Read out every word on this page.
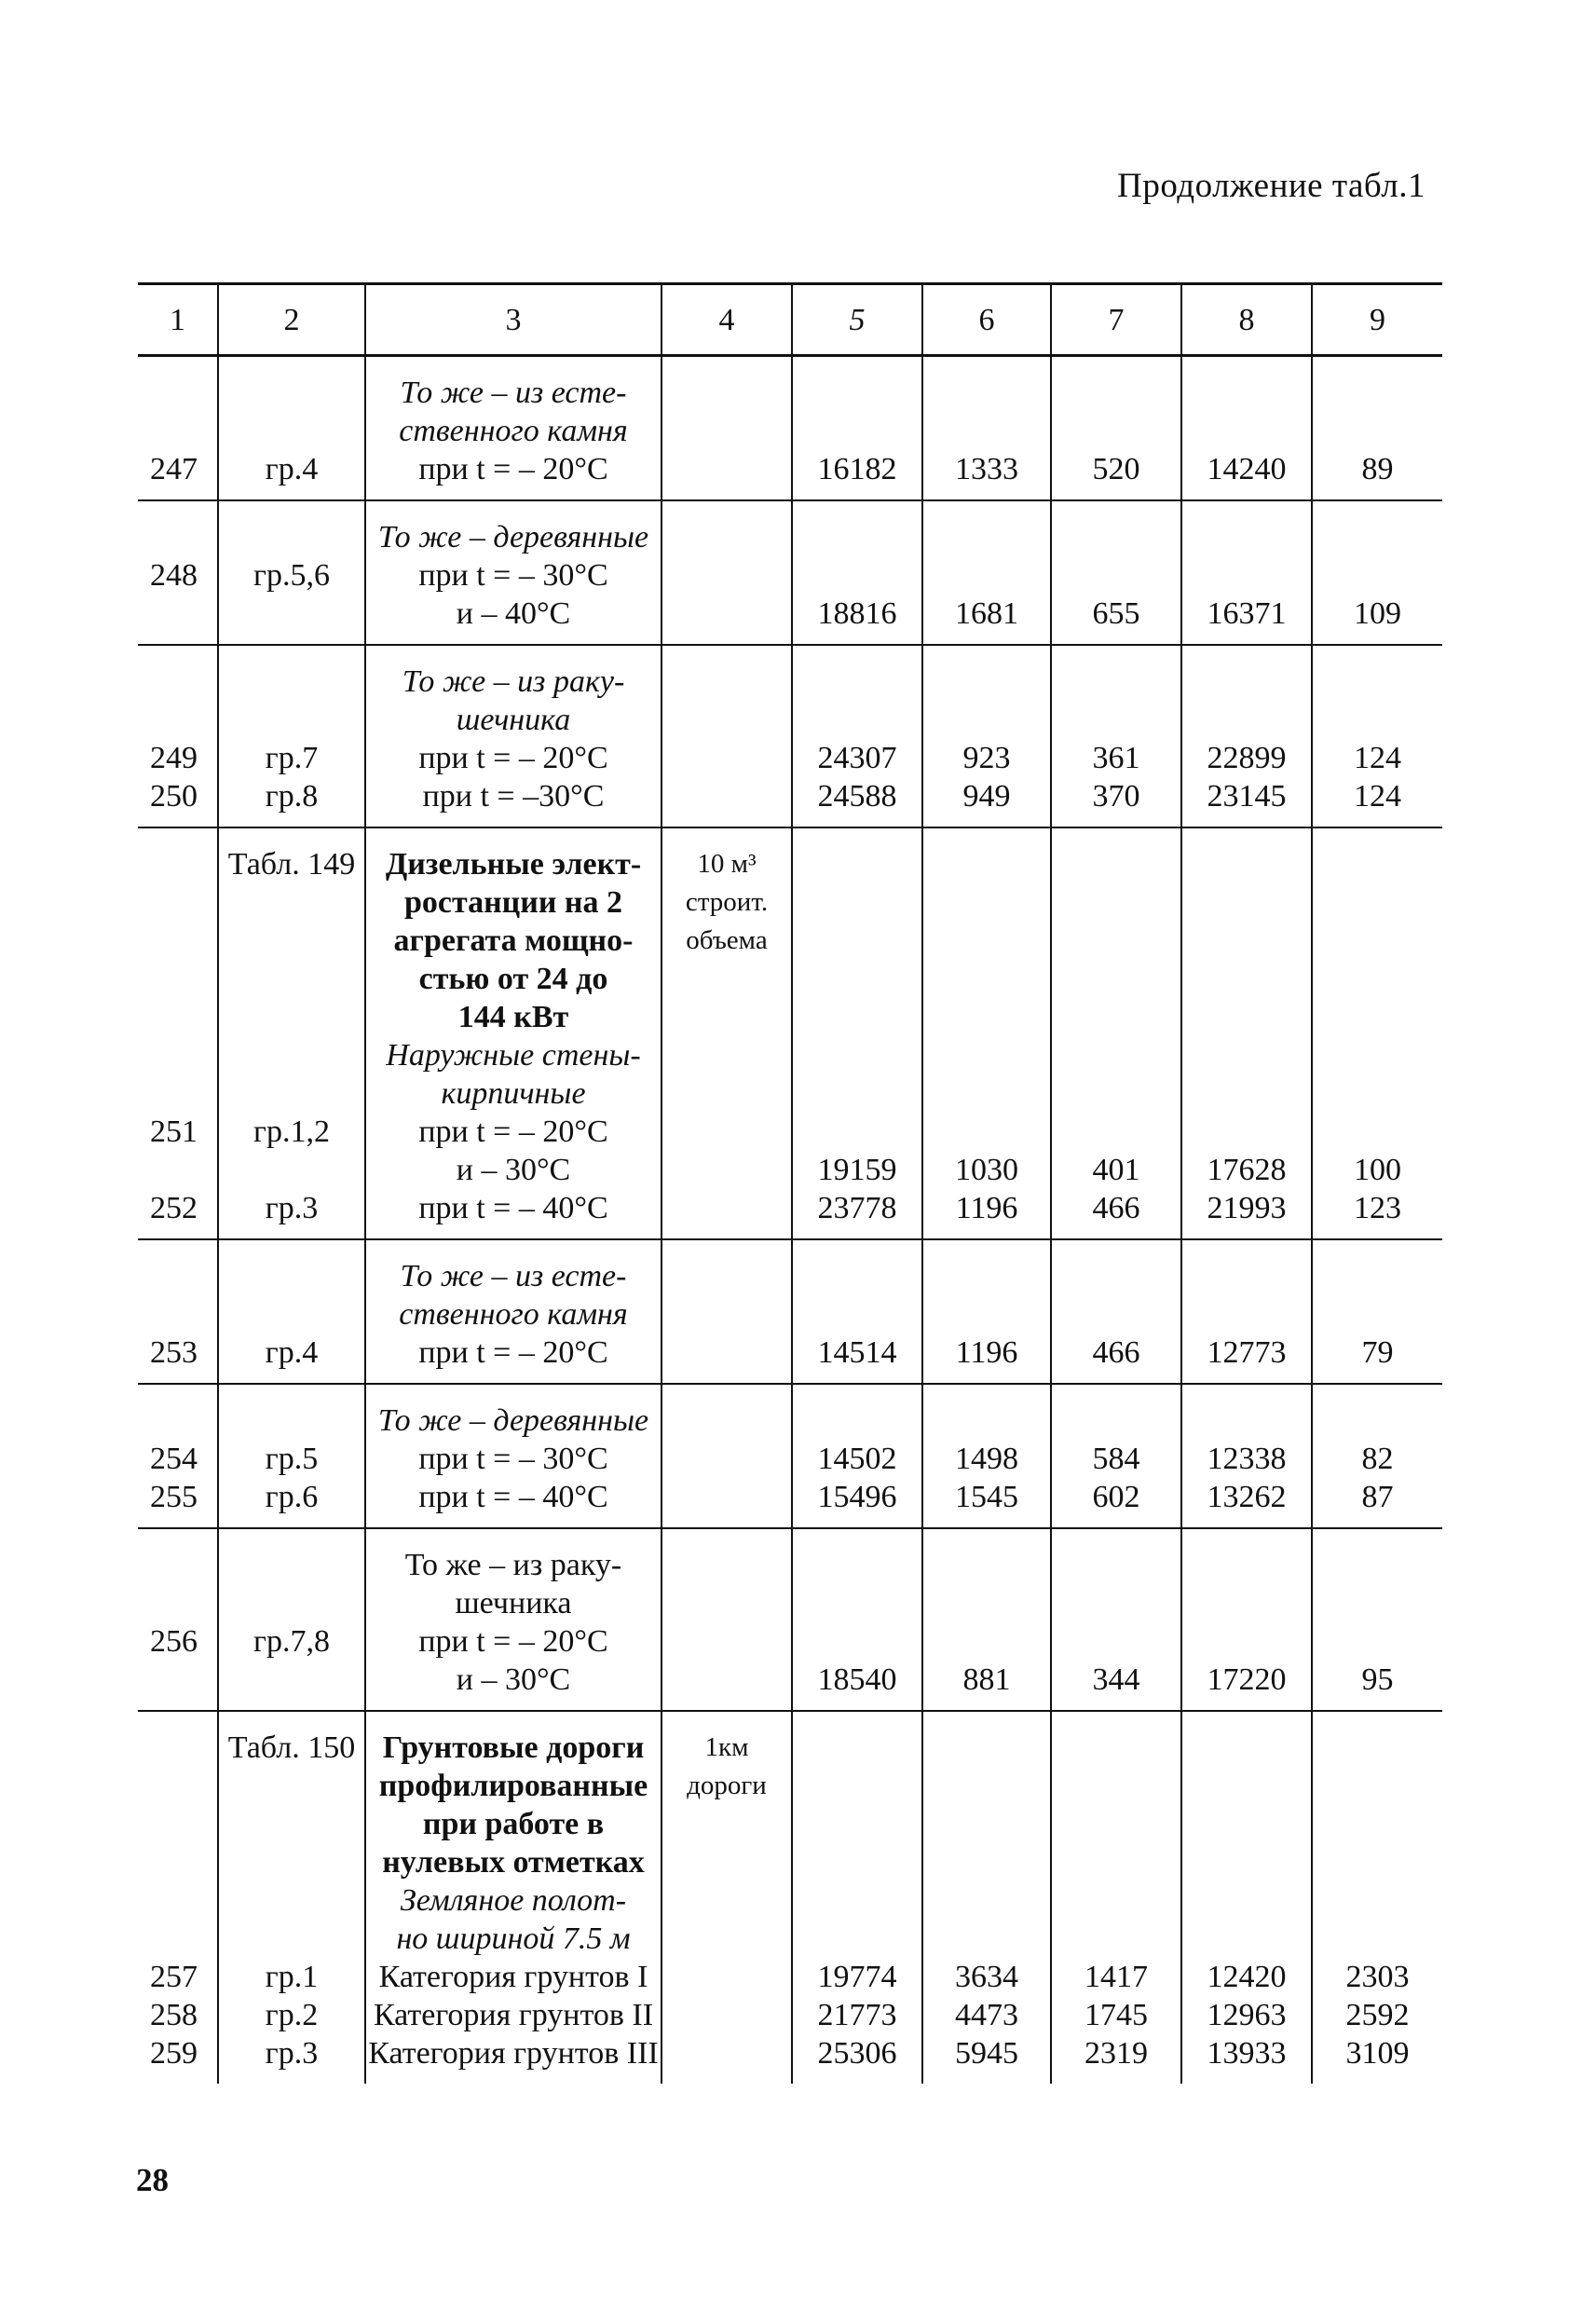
Продолжение табл.1
1	2	3	4	5	6	7	8	9
		То же – из есте-						
		ственного камня						
247	гр.4	при t = – 20°С		16182	1333	520	14240	89
		То же – деревянные						
248	гр.5,6	при t = – 30°С						
		и – 40°С		18816	1681	655	16371	109
		То же – из раку-						
		шечника						
249	гр.7	при t = – 20°С		24307	923	361	22899	124
250	гр.8	при t = –30°С		24588	949	370	23145	124
	Табл. 149	Дизельные элект-	10 м³					
		ростанции на 2	строит.					
		агрегата мощно-	объема					
		стью от 24 до						
		144 кВт						
		Наружные стены-						
		кирпичные						
251	гр.1,2	при t = – 20°С						
		и – 30°С		19159	1030	401	17628	100
252	гр.3	при t = – 40°С		23778	1196	466	21993	123
		То же – из есте-						
		ственного камня						
253	гр.4	при t = – 20°С		14514	1196	466	12773	79
		То же – деревянные						
254	гр.5	при t = – 30°С		14502	1498	584	12338	82
255	гр.6	при t = – 40°С		15496	1545	602	13262	87
		То же – из раку-						
		шечника						
256	гр.7,8	при t = – 20°С						
		и – 30°С		18540	881	344	17220	95
	Табл. 150	Грунтовые дороги	1км					
		профилированные	дороги					
		при работе в						
		нулевых отметках						
		Земляное полот-						
		но шириной 7.5 м						
257	гр.1	Категория грунтов I		19774	3634	1417	12420	2303
258	гр.2	Категория грунтов II		21773	4473	1745	12963	2592
259	гр.3	Категория грунтов III		25306	5945	2319	13933	3109
28
